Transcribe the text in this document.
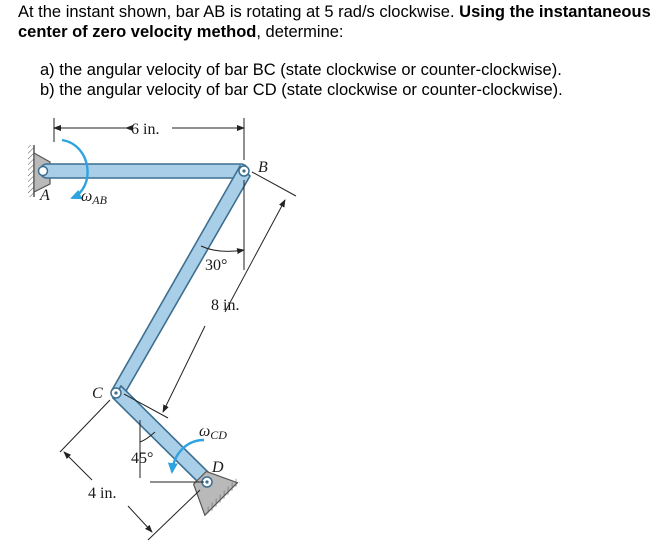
At the instant shown, bar AB is rotating at 5 rad/s clockwise. Using the instantaneous center of zero velocity method, determine:

a) the angular velocity of bar BC (state clockwise or counter-clockwise).
b) the angular velocity of bar CD (state clockwise or counter-clockwise).
A
B
C
D
ωAB
ωCD
6 in.
8 in.
4 in.
30°
45°
